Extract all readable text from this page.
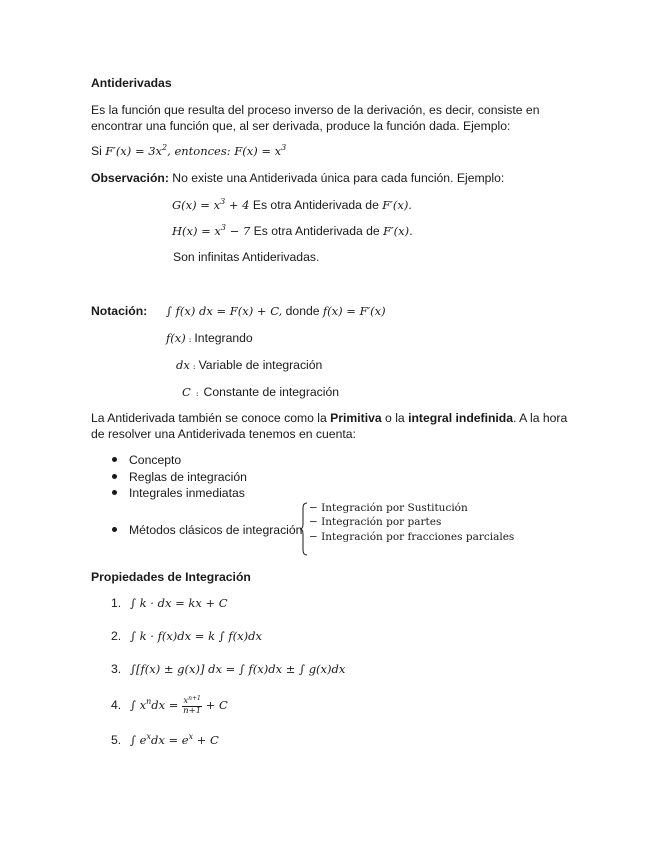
Antiderivadas
Es la función que resulta del proceso inverso de la derivación, es decir, consiste en
encontrar una función que, al ser derivada, produce la función dada. Ejemplo:
Si $F'(x) = 3x^2$, entonces: $F(x) = x^3$
Observación: No existe una Antiderivada única para cada función. Ejemplo:
$G(x) = x^3 + 4$ Es otra Antiderivada de F′(x).
$H(x) = x^3 - 7$ Es otra Antiderivada de F′(x).
Son infinitas Antiderivadas.
Notación: ∫ f(x) dx = F(x) + C, donde f(x) = F′(x)
f(x) : Integrando
dx : Variable de integración
C : Constante de integración
La Antiderivada también se conoce como la Primitiva o la integral indefinida. A la hora
de resolver una Antiderivada tenemos en cuenta:
Concepto
Reglas de integración
Integrales inmediatas
Métodos clásicos de integración
− Integración por Sustitución
− Integración por partes
− Integración por fracciones parciales
Propiedades de Integración
1. ∫ k · dx = kx + C
2. ∫ k · f(x)dx = k ∫ f(x)dx
3. ∫[f(x) ± g(x)] dx = ∫ f(x)dx ± ∫ g(x)dx
4. ∫ $x^ndx = \frac{x^{n+1}}{n+1} + C$
5. ∫ $e^xdx = e^x + C$
